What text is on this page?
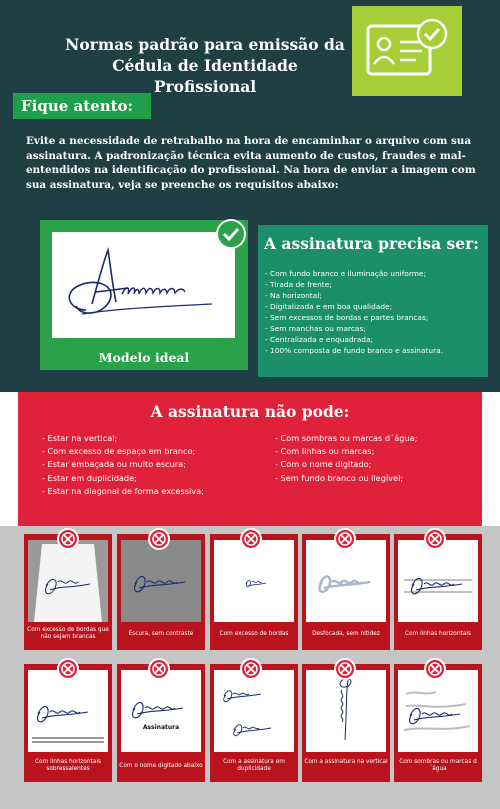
Normas padrão para emissão da
Cédula de Identidade Profissional
Fique atento:
Evite a necessidade de retrabalho na hora de encaminhar o arquivo com sua assinatura. A padronização técnica evita aumento de custos, fraudes e mal-entendidos na identificação do profissional. Na hora de enviar a imagem com sua assinatura, veja se preenche os requisitos abaixo:
Modelo ideal
A assinatura precisa ser:
- Com fundo branco e iluminação uniforme;
- Tirada de frente;
- Na horizontal;
- Digitalizada e em boa qualidade;
- Sem excessos de bordas e partes brancas;
- Sem manchas ou marcas;
- Centralizada e enquadrada;
- 100% composta de fundo branco e assinatura.
A assinatura não pode:
- Estar na vertical;
- Com excesso de espaço em branco;
- Estar embaçada ou muito escura;
- Estar em duplicidade;
- Estar na diagonal de forma excessiva;
- Com sombras ou marcas d´água;
- Com linhas ou marcas;
- Com o nome digitado;
- Sem fundo branco ou ilegível;
Com excesso de bordas que não sejam brancas
Escura, sem contraste	Com excesso de bordas	Desfocada, sem nitidez	Com linhas horizontais
Com linhas horizontais sobressalentes
Assinatura
Com o nome digitado abaixo
Com a assinatura em duplicidade
Com a assinatura na vertical	Com sombras ou marcas d´água
